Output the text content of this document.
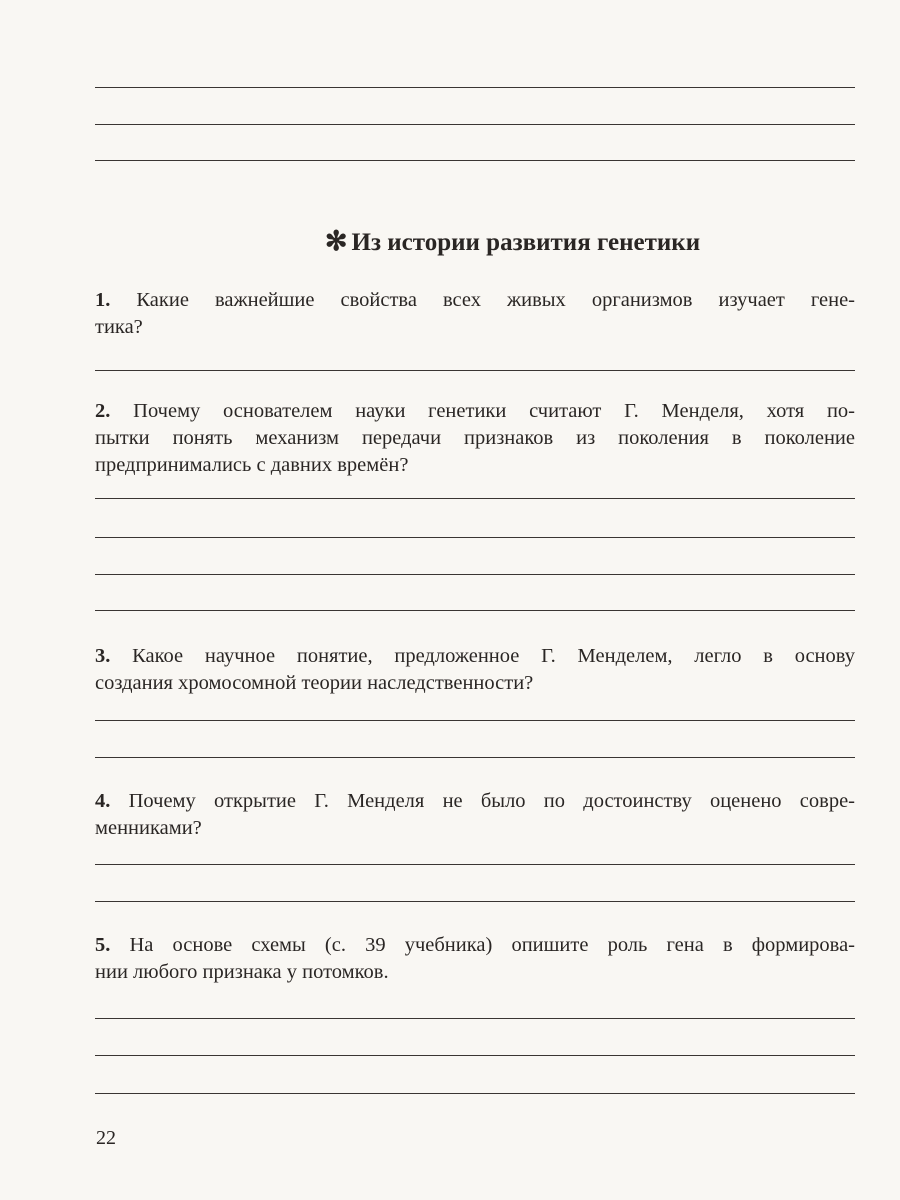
✻ Из истории развития генетики
1. Какие важнейшие свойства всех живых организмов изучает гене-
тика?
2. Почему основателем науки генетики считают Г. Менделя, хотя по-
пытки понять механизм передачи признаков из поколения в поколение
предпринимались с давних времён?
3. Какое научное понятие, предложенное Г. Менделем, легло в основу
создания хромосомной теории наследственности?
4. Почему открытие Г. Менделя не было по достоинству оценено совре-
менниками?
5. На основе схемы (с. 39 учебника) опишите роль гена в формирова-
нии любого признака у потомков.
22
